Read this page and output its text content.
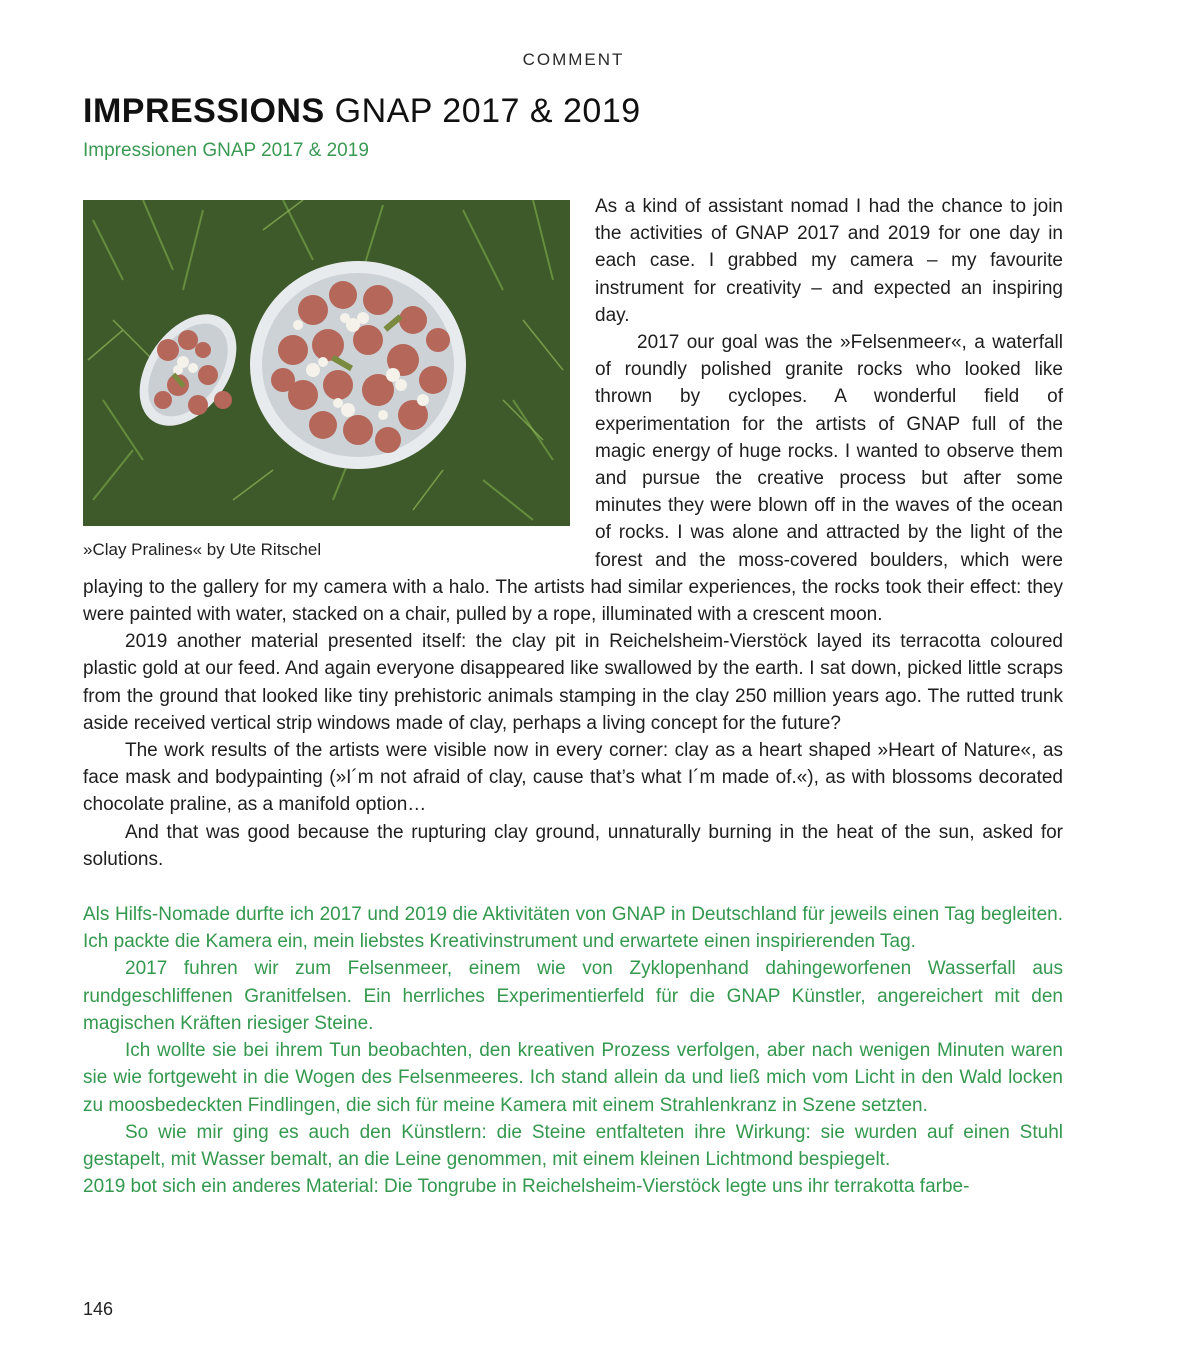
COMMENT
IMPRESSIONS GNAP 2017 & 2019
Impressionen GNAP 2017 & 2019
»Clay Pralines« by Ute Ritschel

As a kind of assistant nomad I had the chance to join the activities of GNAP 2017 and 2019 for one day in each case. I grabbed my camera – my favourite instrument for creativity – and expected an inspiring day.

2017 our goal was the »Felsenmeer«, a waterfall of roundly polished granite rocks who looked like thrown by cyclopes. A wonderful field of experimentation for the artists of GNAP full of the magic energy of huge rocks. I wanted to observe them and pursue the creative process but after some minutes they were blown off in the waves of the ocean of rocks. I was alone and attracted by the light of the forest and the moss-covered boulders, which were playing to the gallery for my camera with a halo. The artists had similar experiences, the rocks took their effect: they were painted with water, stacked on a chair, pulled by a rope, illuminated with a crescent moon.

2019 another material presented itself: the clay pit in Reichelsheim-Vierstöck layed its terracotta coloured plastic gold at our feed. And again everyone disappeared like swallowed by the earth. I sat down, picked little scraps from the ground that looked like tiny prehistoric animals stamping in the clay 250 million years ago. The rutted trunk aside received vertical strip windows made of clay, perhaps a living concept for the future?

The work results of the artists were visible now in every corner: clay as a heart shaped »Heart of Nature«, as face mask and bodypainting (»I´m not afraid of clay, cause that’s what I´m made of.«), as with blossoms decorated chocolate praline, as a manifold option…

And that was good because the rupturing clay ground, unnaturally burning in the heat of the sun, asked for solutions.

Als Hilfs-Nomade durfte ich 2017 und 2019 die Aktivitäten von GNAP in Deutschland für jeweils einen Tag begleiten. Ich packte die Kamera ein, mein liebstes Kreativinstrument und erwartete einen inspirierenden Tag.

2017 fuhren wir zum Felsenmeer, einem wie von Zyklopenhand dahingeworfenen Wasserfall aus rundgeschliffenen Granitfelsen. Ein herrliches Experimentierfeld für die GNAP Künstler, angereichert mit den magischen Kräften riesiger Steine.

Ich wollte sie bei ihrem Tun beobachten, den kreativen Prozess verfolgen, aber nach wenigen Minuten waren sie wie fortgeweht in die Wogen des Felsenmeeres. Ich stand allein da und ließ mich vom Licht in den Wald locken zu moosbedeckten Findlingen, die sich für meine Kamera mit einem Strahlenkranz in Szene setzten.

So wie mir ging es auch den Künstlern: die Steine entfalteten ihre Wirkung: sie wurden auf einen Stuhl gestapelt, mit Wasser bemalt, an die Leine genommen, mit einem kleinen Lichtmond bespiegelt.

2019 bot sich ein anderes Material: Die Tongrube in Reichelsheim-Vierstöck legte uns ihr terrakotta farbe-

146
